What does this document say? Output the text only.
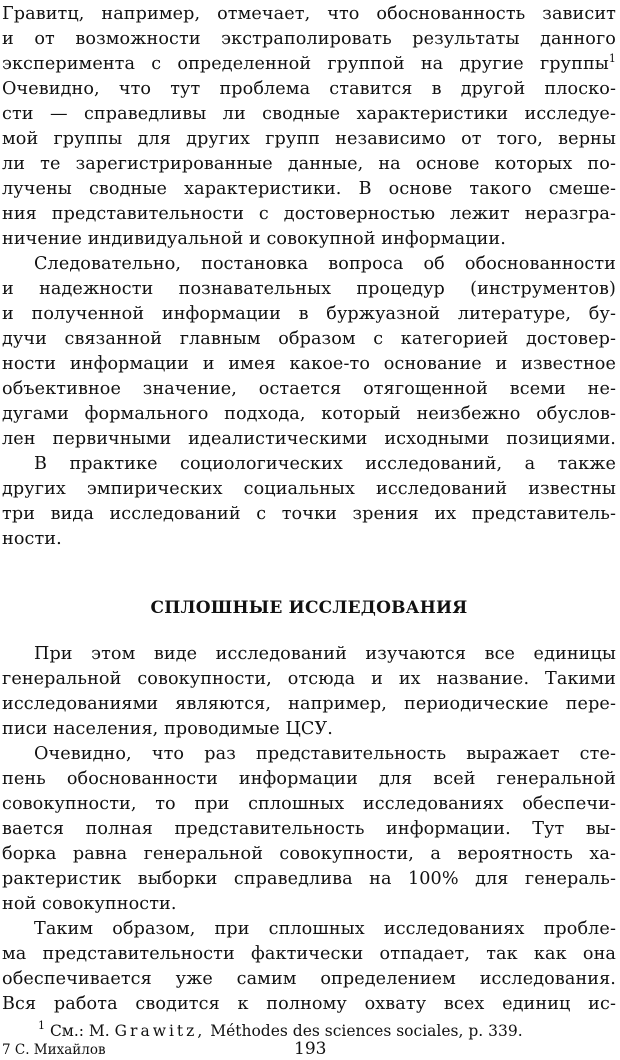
Гравитц, например, отмечает, что обоснованность зависит
и от возможности экстраполировать результаты данного
эксперимента с определенной группой на другие группы$^1$
Очевидно, что тут проблема ставится в другой плоско-
сти — справедливы ли сводные характеристики исследуе-
мой группы для других групп независимо от того, верны
ли те зарегистрированные данные, на основе которых по-
лучены сводные характеристики. В основе такого смеше-
ния представительности с достоверностью лежит неразгра-
ничение индивидуальной и совокупной информации.
Следовательно, постановка вопроса об обоснованности
и надежности познавательных процедур (инструментов)
и полученной информации в буржуазной литературе, бу-
дучи связанной главным образом с категорией достовер-
ности информации и имея какое-то основание и известное
объективное значение, остается отягощенной всеми не-
дугами формального подхода, который неизбежно обуслов-
лен первичными идеалистическими исходными позициями.
В практике социологических исследований, а также
других эмпирических социальных исследований известны
три вида исследований с точки зрения их представитель-
ности.
СПЛОШНЫЕ ИССЛЕДОВАНИЯ
При этом виде исследований изучаются все единицы
генеральной совокупности, отсюда и их название. Такими
исследованиями являются, например, периодические пере-
писи населения, проводимые ЦСУ.
Очевидно, что раз представительность выражает сте-
пень обоснованности информации для всей генеральной
совокупности, то при сплошных исследованиях обеспечи-
вается полная представительность информации. Тут вы-
борка равна генеральной совокупности, а вероятность ха-
рактеристик выборки справедлива на 100% для генераль-
ной совокупности.
Таким образом, при сплошных исследованиях пробле-
ма представительности фактически отпадает, так как она
обеспечивается уже самим определением исследования.
Вся работа сводится к полному охвату всех единиц ис-
$^1$ См.: M. Grawitz, Méthodes des sciences sociales, p. 339.
7 С. Михайлов	193
